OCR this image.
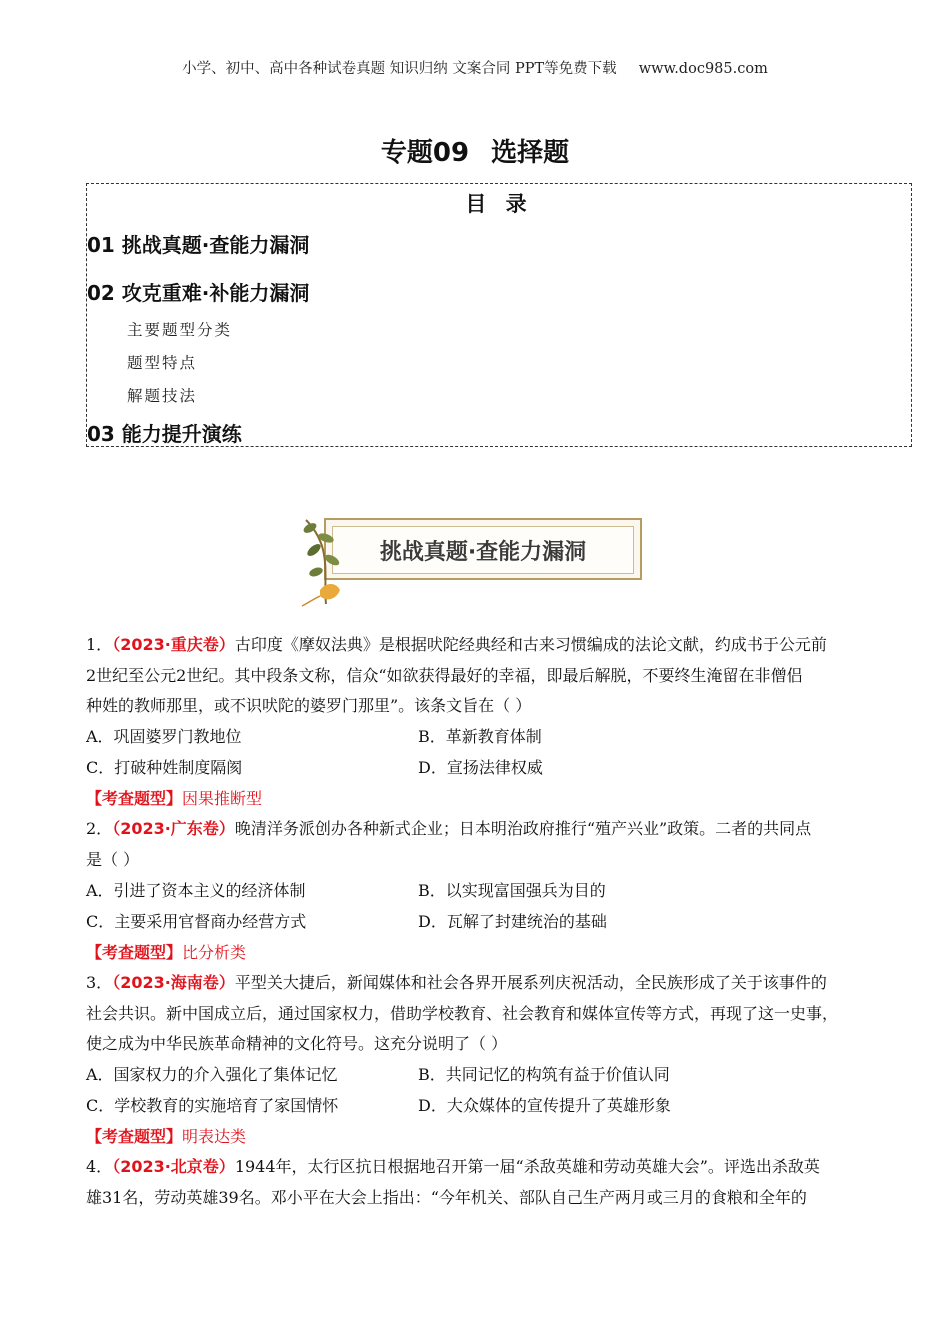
小学、初中、高中各种试卷真题 知识归纳 文案合同 PPT等免费下载 www.doc985.com
专题09 选择题
目 录
01 挑战真题·查能力漏洞
02 攻克重难·补能力漏洞
主要题型分类
题型特点
解题技法
03 能力提升演练
挑战真题·查能力漏洞
1．（2023·重庆卷）古印度《摩奴法典》是根据吠陀经典经和古来习惯编成的法论文献，约成书于公元前
2世纪至公元2世纪。其中段条文称，信众“如欲获得最好的幸福，即最后解脱，不要终生淹留在非僧侣
种姓的教师那里，或不识吠陀的婆罗门那里”。该条文旨在（ ）
A．巩固婆罗门教地位	B．革新教育体制
C．打破种姓制度隔阂	D．宣扬法律权威
【考查题型】因果推断型
2．（2023·广东卷）晚清洋务派创办各种新式企业；日本明治政府推行“殖产兴业”政策。二者的共同点
是（ ）
A．引进了资本主义的经济体制	B．以实现富国强兵为目的
C．主要采用官督商办经营方式	D．瓦解了封建统治的基础
【考查题型】比分析类
3．（2023·海南卷）平型关大捷后，新闻媒体和社会各界开展系列庆祝活动，全民族形成了关于该事件的
社会共识。新中国成立后，通过国家权力，借助学校教育、社会教育和媒体宣传等方式，再现了这一史事，
使之成为中华民族革命精神的文化符号。这充分说明了（ ）
A．国家权力的介入强化了集体记忆	B．共同记忆的构筑有益于价值认同
C．学校教育的实施培育了家国情怀	D．大众媒体的宣传提升了英雄形象
【考查题型】明表达类
4．（2023·北京卷）1944年，太行区抗日根据地召开第一届“杀敌英雄和劳动英雄大会”。评选出杀敌英
雄31名，劳动英雄39名。邓小平在大会上指出：“今年机关、部队自己生产两月或三月的食粮和全年的
